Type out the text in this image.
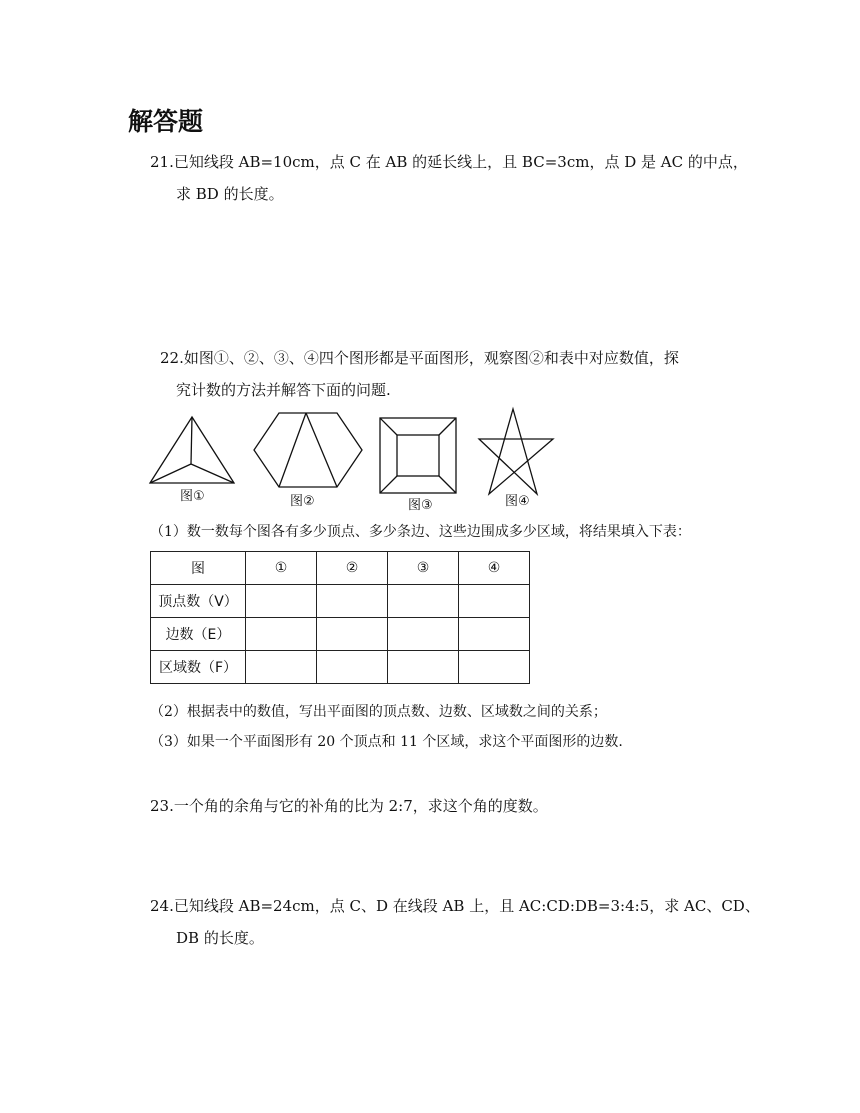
解答题
21.已知线段 AB=10cm，点 C 在 AB 的延长线上，且 BC=3cm，点 D 是 AC 的中点，
求 BD 的长度。
22.如图①、②、③、④四个图形都是平面图形，观察图②和表中对应数值，探
究计数的方法并解答下面的问题.
图①	图②	图③	图④
（1）数一数每个图各有多少顶点、多少条边、这些边围成多少区域，将结果填入下表：
图	①	②	③	④
顶点数（V）				
边数（E）				
区域数（F）				
（2）根据表中的数值，写出平面图的顶点数、边数、区域数之间的关系；
（3）如果一个平面图形有 20 个顶点和 11 个区域，求这个平面图形的边数.
23.一个角的余角与它的补角的比为 2:7，求这个角的度数。
24.已知线段 AB=24cm，点 C、D 在线段 AB 上，且 AC:CD:DB=3:4:5，求 AC、CD、
DB 的长度。
